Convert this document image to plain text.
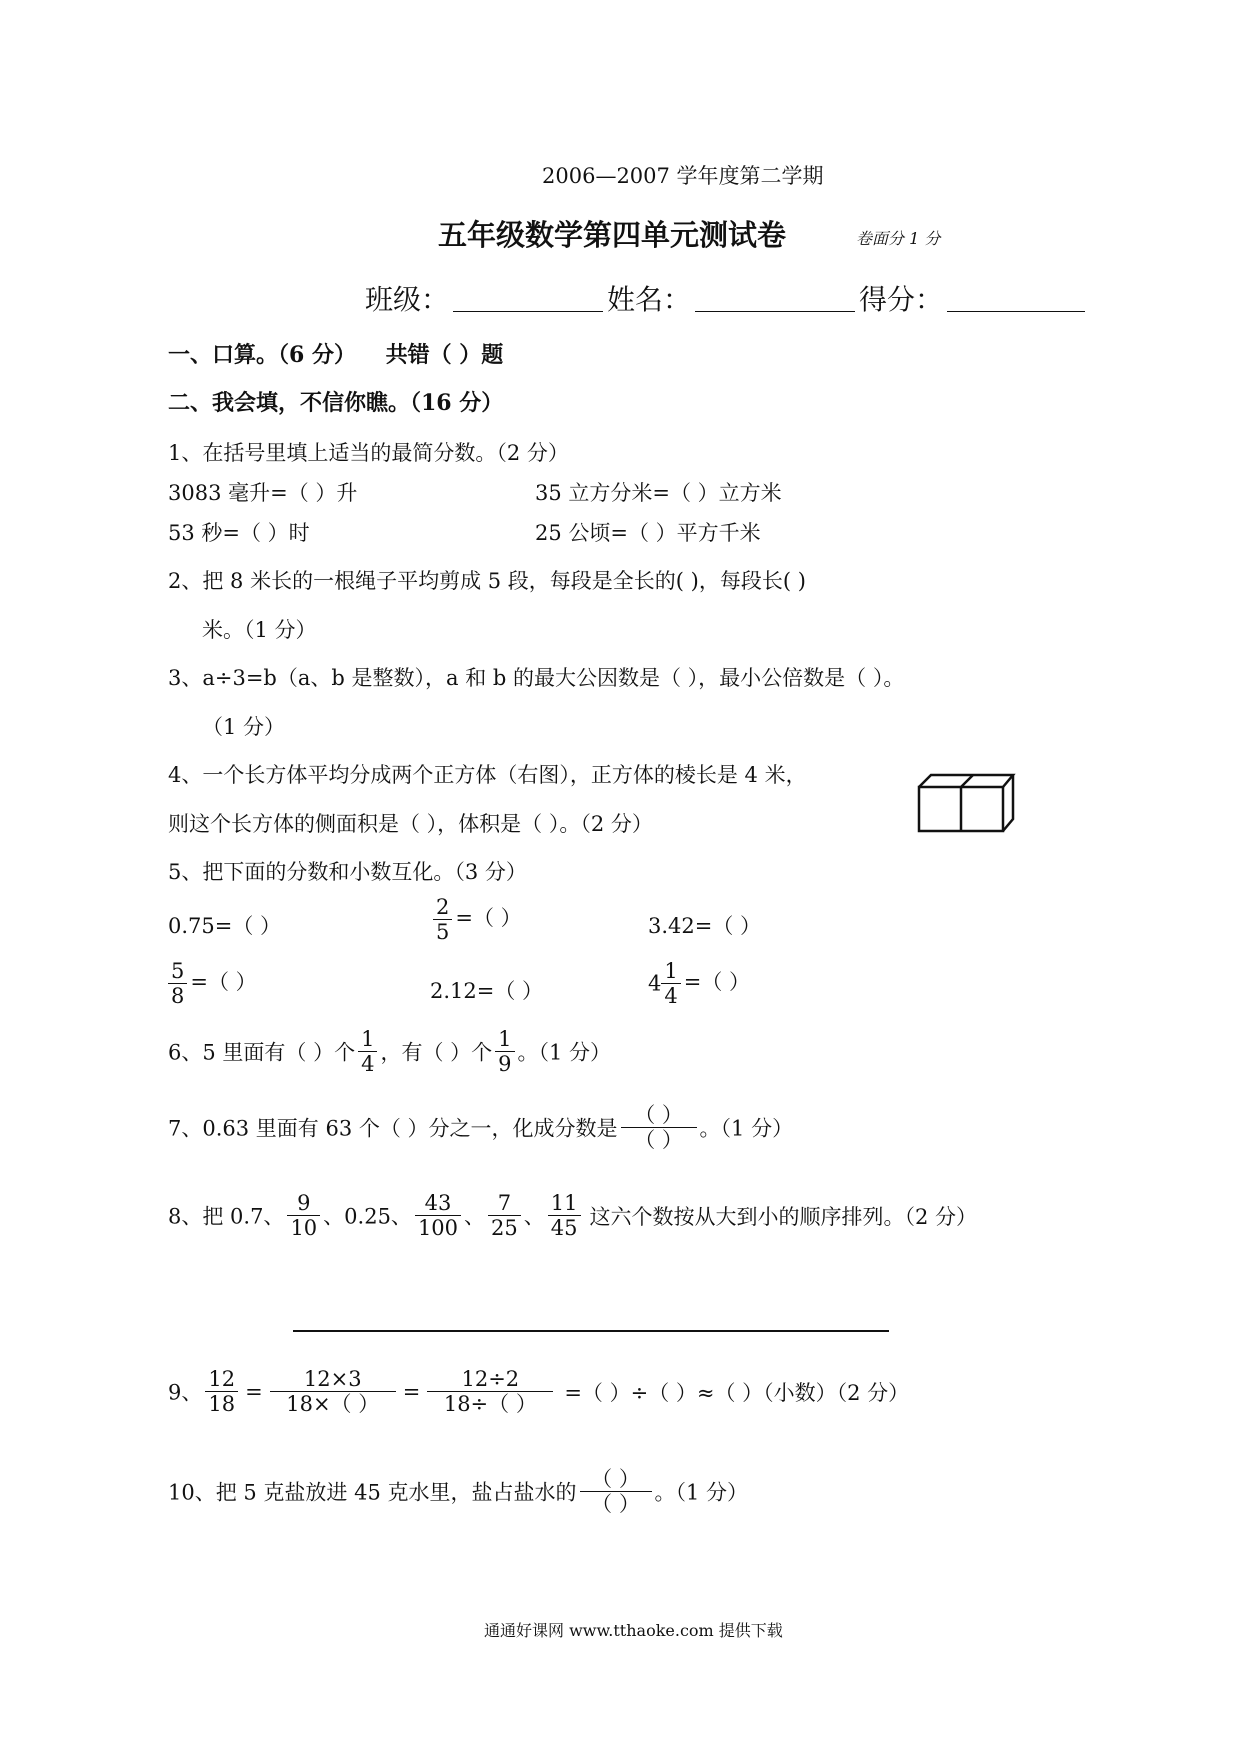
2006—2007 学年度第二学期
五年级数学第四单元测试卷	卷面分 1 分
班级：	姓名：	得分：
一、口算。（6 分） 共错（ ）题
二、我会填，不信你瞧。（16 分）
1、在括号里填上适当的最简分数。（2 分）
3083 毫升=（ ）升	35 立方分米=（ ）立方米
53 秒=（ ）时	25 公顷=（ ）平方千米
2、把 8 米长的一根绳子平均剪成 5 段，每段是全长的( )，每段长( )
米。（1 分）
3、a÷3=b（a、b 是整数），a 和 b 的最大公因数是（ ），最小公倍数是（ ）。
（1 分）
4、一个长方体平均分成两个正方体（右图），正方体的棱长是 4 米，
则这个长方体的侧面积是（ ），体积是（ ）。（2 分）
5、把下面的分数和小数互化。（3 分）
0.75=（ ）	$\frac{2}{5}$ =（ ）	3.42=（ ）
$\frac{5}{8}$ =（ ）	2.12=（ ）	$4 \frac{1}{4}$ =（ ）
6、5 里面有（ ）个 $\frac{1}{4}$ ，有（ ）个 $\frac{1}{9}$ 。（1 分）
7、0.63 里面有 63 个（ ）分之一，化成分数是 $\frac{( )}{( )}$ 。（1 分）
8、把 0.7、 $\frac{9}{10}$ 、0.25、 $\frac{43}{100}$ 、 $\frac{7}{25}$ 、 $\frac{11}{45}$ 这六个数按从大到小的顺序排列。（2 分）
9、 $\frac{12}{18} = \frac{12\times 3}{18\times( )} = \frac{12\div 2}{18\div( )}$ =（ ）÷（ ）≈（ ）（小数）（2 分）
10、把 5 克盐放进 45 克水里，盐占盐水的 $\frac{( )}{( )}$ 。（1 分）
通通好课网 www.tthaoke.com 提供下载
